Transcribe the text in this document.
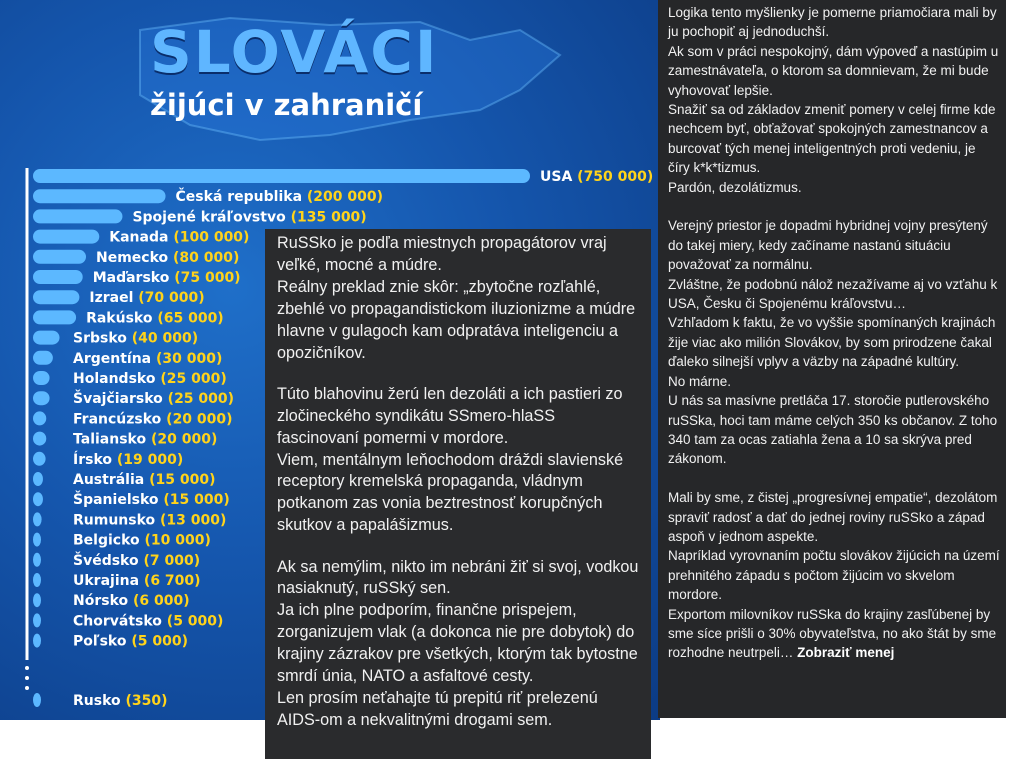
SLOVÁCI
žijúci v zahraničí
USA (750 000)
Česká republika (200 000)
Spojené kráľovstvo (135 000)
Kanada (100 000)
Nemecko (80 000)
Maďarsko (75 000)
Izrael (70 000)
Rakúsko (65 000)
Srbsko (40 000)
Argentína (30 000)
Holandsko (25 000)
Švajčiarsko (25 000)
Francúzsko (20 000)
Taliansko (20 000)
Írsko (19 000)
Austrália (15 000)
Španielsko (15 000)
Rumunsko (13 000)
Belgicko (10 000)
Švédsko (7 000)
Ukrajina (6 700)
Nórsko (6 000)
Chorvátsko (5 000)
Poľsko (5 000)
Rusko (350)

RuSSko je podľa miestnych propagátorov vraj veľké, mocné a múdre.

Reálny preklad znie skôr: „zbytočne rozľahlé, zbehlé vo propagandistickom iluzionizme a múdre hlavne v gulagoch kam odpratáva inteligenciu a opozičníkov.

Túto blahovinu žerú len dezoláti a ich pastieri zo zločineckého syndikátu SSmero-hlaSS fascinovaní pomermi v mordore.

Viem, mentálnym leňochodom dráždi slavienské receptory kremelská propaganda, vládnym potkanom zas vonia beztrestnosť korupčných skutkov a papalášizmus.

Ak sa nemýlim, nikto im nebráni žiť si svoj, vodkou nasiaknutý, ruSSký sen.

Ja ich plne podporím, finančne prispejem, zorganizujem vlak (a dokonca nie pre dobytok) do krajiny zázrakov pre všetkých, ktorým tak bytostne smrdí únia, NATO a asfaltové cesty.

Len prosím neťahajte tú prepitú riť prelezenú AIDS-om a nekvalitnými drogami sem.

Logika tento myšlienky je pomerne priamočiara mali by ju pochopiť aj jednoduchší.

Ak som v práci nespokojný, dám výpoveď a nastúpim u zamestnávateľa, o ktorom sa domnievam, že mi bude vyhovovať lepšie.

Snažiť sa od základov zmeniť pomery v celej firme kde nechcem byť, obťažovať spokojných zamestnancov a burcovať tých menej inteligentných proti vedeniu, je číry k*k*tizmus.

Pardón, dezolátizmus.

Verejný priestor je dopadmi hybridnej vojny presýtený do takej miery, kedy začíname nastanú situáciu považovať za normálnu.

Zvláštne, že podobnú nálož nezažívame aj vo vzťahu k USA, Česku či Spojenému kráľovstvu…

Vzhľadom k faktu, že vo vyššie spomínaných krajinách žije viac ako milión Slovákov, by som prirodzene čakal ďaleko silnejší vplyv a väzby na západné kultúry.

No márne.

U nás sa masívne pretláča 17. storočie putlerovského ruSSka, hoci tam máme celých 350 ks občanov. Z toho 340 tam za ocas zatiahla žena a 10 sa skrýva pred zákonom.

Mali by sme, z čistej „progresívnej empatie“, dezolátom spraviť radosť a dať do jednej roviny ruSSko a západ aspoň v jednom aspekte.

Napríklad vyrovnaním počtu slovákov žijúcich na území prehnitého západu s počtom žijúcim vo skvelom mordore.

Exportom milovníkov ruSSka do krajiny zasľúbenej by sme síce prišli o 30% obyvateľstva, no ako štát by sme rozhodne neutrpeli… Zobraziť menej
